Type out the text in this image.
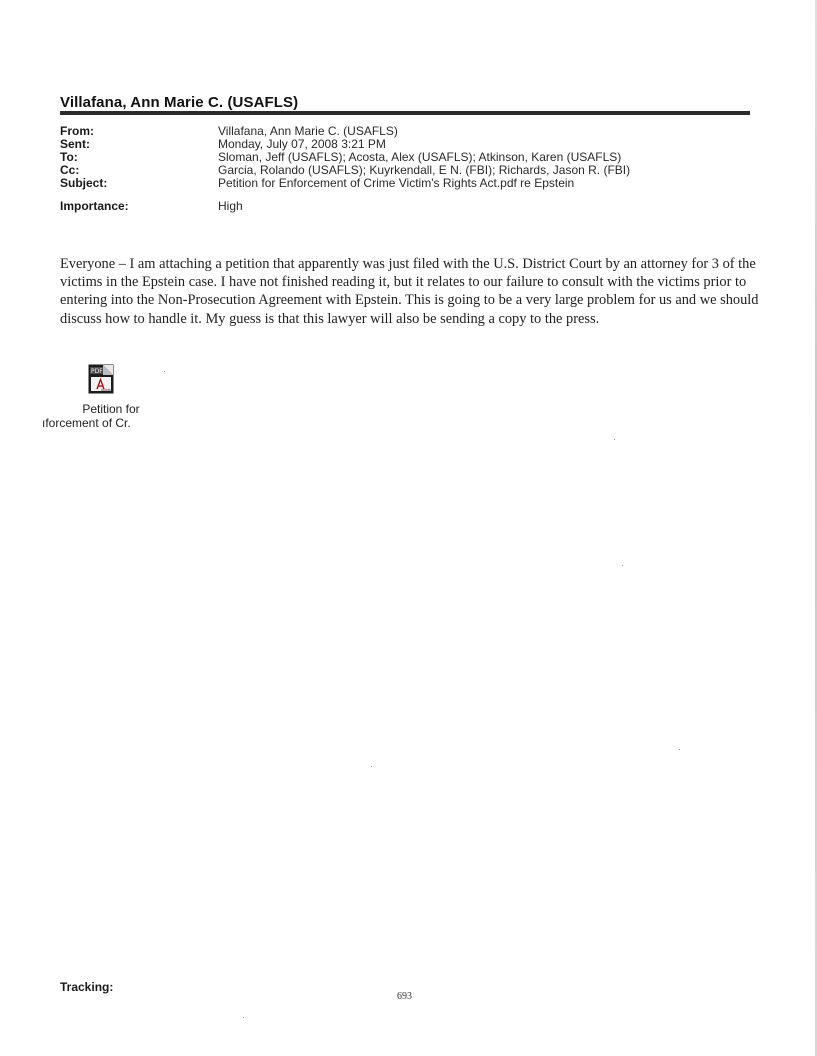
Villafana, Ann Marie C. (USAFLS)
From:	Villafana, Ann Marie C. (USAFLS)
Sent:	Monday, July 07, 2008 3:21 PM
To:	Sloman, Jeff (USAFLS); Acosta, Alex (USAFLS); Atkinson, Karen (USAFLS)
Cc:	Garcia, Rolando (USAFLS); Kuyrkendall, E N. (FBI); Richards, Jason R. (FBI)
Subject:	Petition for Enforcement of Crime Victim's Rights Act.pdf re Epstein
Importance:	High
Everyone – I am attaching a petition that apparently was just filed with the U.S. District Court by an attorney for 3 of the victims in the Epstein case. I have not finished reading it, but it relates to our failure to consult with the victims prior to entering into the Non-Prosecution Agreement with Epstein. This is going to be a very large problem for us and we should discuss how to handle it. My guess is that this lawyer will also be sending a copy to the press.
PDF
Adobe
Petition for
ıforcement of Cr.
Tracking:
693
